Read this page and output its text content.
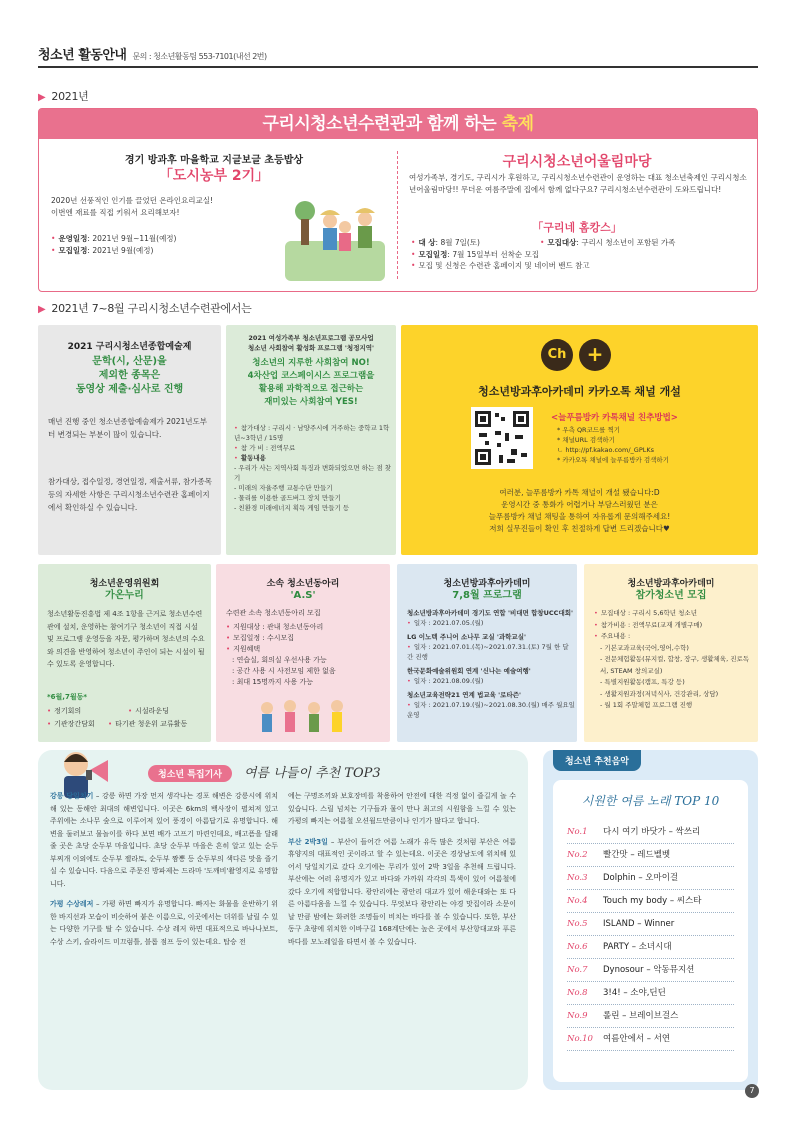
청소년 활동안내 문의 : 청소년활동팀 553-7101(내선 2번)
▶ 2021년
구리시청소년수련관과 함께 하는 축제
경기 방과후 마을학교 지글보글 초등밥상
「도시농부 2기」
2020년 선풍적인 인기를 끌었던 온라인요리교실!
이번엔 재료를 직접 키워서 요리해보자!
• 운영일정: 2021년 9월~11월(예정)
• 모집일정: 2021년 9월(예정)
구리시청소년어울림마당
여성가족부, 경기도, 구리시가 후원하고, 구리시청소년수련관이 운영하는 대표 청소년축제인 구리시청소년어울림마당!! 무더운 여름주말에 집에서 함께 없다구요? 구리시청소년수련관이 도와드립니다!
「구리네 홈캉스」
• 대 상: 8월 7일(토)	• 모집대상: 구리시 청소년이 포함된 가족
• 모집일정: 7월 15일부터 선착순 모집
• 모집 및 신청은 수련관 홈페이지 및 네이버 밴드 참고
▶ 2021년 7~8월 구리시청소년수련관에서는
2021 구리시청소년종합예술제
문학(시, 산문)을
제외한 종목은
동영상 제출·심사로 진행
매년 진행 중인 청소년종합예술제가 2021년도부터 변경되는 부분이 많이 있습니다.
참가대상, 접수일정, 경연일정, 제출서류, 참가종목 등의 자세한 사항은 구리시청소년수련관 홈페이지에서 확인하실 수 있습니다.
2021 여성가족부 청소년프로그램 공모사업
청소년 사회참여 활성화 프로그램 '청정지역'
청소년의 지루한 사회참여 NO!
4차산업 코스페이시스 프로그램을
활용해 과학적으로 접근하는
재미있는 사회참여 YES!
• 참가대상 : 구리시 · 남양주시에 거주하는 중학교 1학년~3학년 / 15명
• 참 가 비 : 전액무료
• 활동내용
- 우리가 사는 지역사회 특징과 변화되었으면 하는 점 찾기
- 미래의 자율주행 교통수단 만들기
- 물리를 이용한 골드버그 장치 만들기
- 친환경 미래에너지 획득 게임 만들기 등
Ch	+
청소년방과후아카데미 카카오톡 채널 개설
<늘푸름방카 카톡채널 친추방법>
* 우측 QR코드를 찍기
* 채널URL 검색하기
ㄴ http://pf.kakao.com/_GPLKs
* 카카오톡 채널에 늘푸름방카 검색하기
여러분, 늘푸름방카 카톡 채널이 개설 됐습니다:D
운영시간 중 통화가 어렵거나 부담스러웠던 분은
늘푸름방카 채널 채팅을 통하여 자유롭게 문의해주세요!
저희 실무진들이 확인 후 친절하게 답변 드리겠습니다♥
청소년운영위원회
가온누리
청소년활동진흥법 제 4조 1항을 근거로 청소년수련관에 설치, 운영하는 참여기구 청소년이 직접 시설 및 프로그램 운영등을 자문, 평가하며 청소년의 수요와 의견을 반영하여 청소년이 주인이 되는 시설이 될 수 있도록 운영합니다.
*6월,7월동*
• 정기회의	• 시설라운딩
• 기관장간담회	• 타기관 청운위 교류활동
소속 청소년동아리
'A.S'
수련관 소속 청소년동아리 모집
• 지원대상 : 관내 청소년동아리
• 모집일정 : 수시모집
• 지원혜택
: 연습실, 회의실 우선사용 가능
: 공간 사용 시 사전모임 제한 없음
: 최대 15명까지 사용 가능
청소년방과후아카데미
7,8월 프로그램
청소년방과후아카데미 경기도 연합 '비대면 합창UCC대회'
• 일자 : 2021.07.05.(월)
LG 이노텍 주니어 소나무 교실 '과학교실'
• 일자 : 2021.07.01.(목)~2021.07.31.(토) 7월 한 달 간 진행
한국문화예술위원회 연계 '신나는 예술여행'
• 일자 : 2021.08.09.(월)
청소년교육전략21 연계 법교육 '로타즌'
• 일자 : 2021.07.19.(월)~2021.08.30.(월) 매주 월요일 운영
청소년방과후아카데미
참가청소년 모집
• 모집대상 : 구리시 5,6학년 청소년
• 참가비용 : 전액무료(교재 개별구매)
• 주요내용 :
- 기본교과교육(국어,영어,수학)
- 전문체험활동(뮤지컬, 합창, 장구, 생활체육, 진로독서, STEAM 창의교실)
- 특별지원활동(캠프, 특강 등)
- 생활지원과정(저녁식사, 건강관리, 상담)
- 월 1회 주말체험 프로그램 진행
청소년 특집기사 여름 나들이 추천 TOP3

강릉 당일치기 – 강릉 하면 가장 먼저 생각나는 경포 해변은 강릉시에 위치해 있는 동해안 최대의 해변입니다. 이곳은 6km의 백사장이 펼쳐져 있고 주위에는 소나무 숲으로 이루어져 있어 풍경이 아름답기로 유명합니다. 해변을 둘러보고 물놀이를 하다 보면 배가 고프기 마련인데요, 배고픔을 달래줄 곳은 초당 순두부 마을입니다. 초당 순두부 마을은 흔히 알고 있는 순두부찌개 이외에도 순두부 젤라토, 순두부 짬뽕 등 순두부의 색다른 맛을 즐기실 수 있습니다. 다음으로 주문진 방파제는 드라마 '도깨비'촬영지로 유명합니다.

가평 수상레저 – 가평 하면 빠지가 유명합니다. 빠지는 화물을 운반하기 위한 바지선과 모습이 비슷하여 붙은 이름으로, 이곳에서는 더위를 날릴 수 있는 다양한 기구를 탈 수 있습니다. 수상 레저 하면 대표적으로 바나나보트, 수상 스키, 슬라이드 미끄럼틀, 블롭 점프 등이 있는데요. 탑승 전

에는 구명조끼와 보호장비를 착용하여 안전에 대한 걱정 없이 즐길게 놀 수 있습니다. 스릴 넘치는 기구들과 물이 만나 최고의 시원함을 느낄 수 있는 가평의 빠지는 여름철 오션월드만큼이나 인기가 많다고 합니다.

부산 2박3일 – 부산이 들어간 여름 노래가 유독 많은 것처럼 부산은 여름 휴양지의 대표적인 곳이라고 할 수 있는데요. 이곳은 경상남도에 위치해 있어서 당일치기로 갔다 오기에는 무리가 있어 2박 3일을 추천해 드립니다. 부산에는 여러 유명지가 있고 바다와 가까워 각각의 특색이 있어 여름철에 갔다 오기에 적합합니다. 광안리에는 광안리 대교가 있어 해운대와는 또 다른 아름다움을 느낄 수 있습니다. 무엇보다 광안리는 야경 맛집이라 소문이 날 만큼 밤에는 화려한 조명들이 비치는 바다를 볼 수 있습니다. 또한, 부산 동구 초량에 위치한 이바구길 168계단에는 높은 곳에서 부산항대교와 푸른 바다를 모노레일을 타면서 볼 수 있습니다.

청소년 추천음악
시원한 여름 노래 TOP 10
No.1 다시 여기 바닷가 – 싹쓰리
No.2 빨간맛 – 레드벨벳
No.3 Dolphin – 오마이걸
No.4 Touch my body – 씨스타
No.5 ISLAND – Winner
No.6 PARTY – 소녀시대
No.7 Dynosour – 악동뮤지션
No.8 3!4! – 소야,딘딘
No.9 롤린 – 브레이브걸스
No.10 여름안에서 – 서연
7
